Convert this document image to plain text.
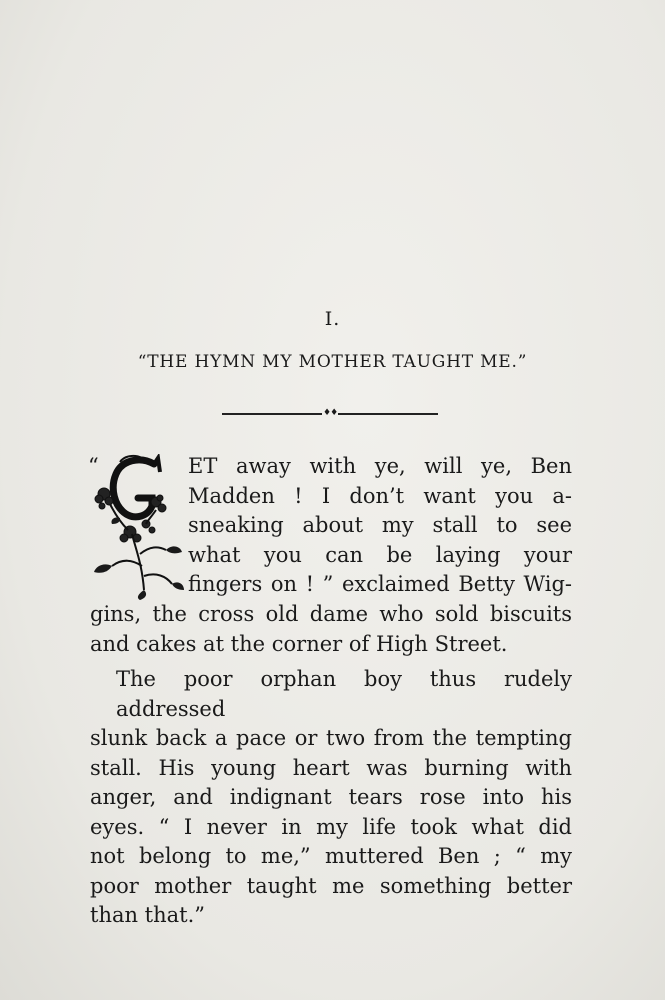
I.
“THE HYMN MY MOTHER TAUGHT ME.”
♦♦
“	ET away with ye, will ye, Ben
Madden ! I don’t want you a-
sneaking about my stall to see
what you can be laying your
fingers on ! ” exclaimed Betty Wig-
gins, the cross old dame who sold biscuits
and cakes at the corner of High Street.
The poor orphan boy thus rudely addressed
slunk back a pace or two from the tempting
stall. His young heart was burning with
anger, and indignant tears rose into his
eyes. “ I never in my life took what did
not belong to me,” muttered Ben ; “ my
poor mother taught me something better
than that.”
